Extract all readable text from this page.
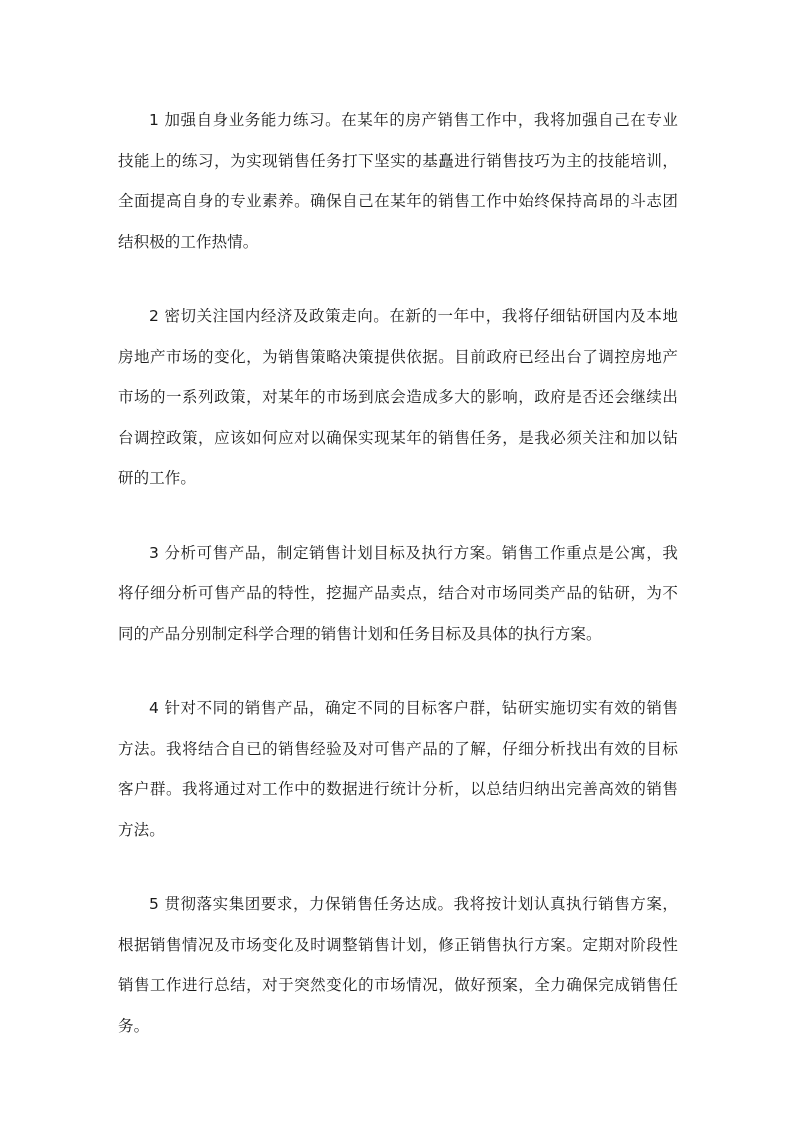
1 加强自身业务能力练习。在某年的房产销售工作中，我将加强自己在专业技能上的练习，为实现销售任务打下坚实的基矗进行销售技巧为主的技能培训，全面提高自身的专业素养。确保自己在某年的销售工作中始终保持高昂的斗志团结积极的工作热情。

2 密切关注国内经济及政策走向。在新的一年中，我将仔细钻研国内及本地房地产市场的变化，为销售策略决策提供依据。目前政府已经出台了调控房地产市场的一系列政策，对某年的市场到底会造成多大的影响，政府是否还会继续出台调控政策，应该如何应对以确保实现某年的销售任务，是我必须关注和加以钻研的工作。

3 分析可售产品，制定销售计划目标及执行方案。销售工作重点是公寓，我将仔细分析可售产品的特性，挖掘产品卖点，结合对市场同类产品的钻研，为不同的产品分别制定科学合理的销售计划和任务目标及具体的执行方案。

4 针对不同的销售产品，确定不同的目标客户群，钻研实施切实有效的销售方法。我将结合自已的销售经验及对可售产品的了解，仔细分析找出有效的目标客户群。我将通过对工作中的数据进行统计分析，以总结归纳出完善高效的销售方法。

5 贯彻落实集团要求，力保销售任务达成。我将按计划认真执行销售方案，根据销售情况及市场变化及时调整销售计划，修正销售执行方案。定期对阶段性销售工作进行总结，对于突然变化的市场情况，做好预案，全力确保完成销售任务。
